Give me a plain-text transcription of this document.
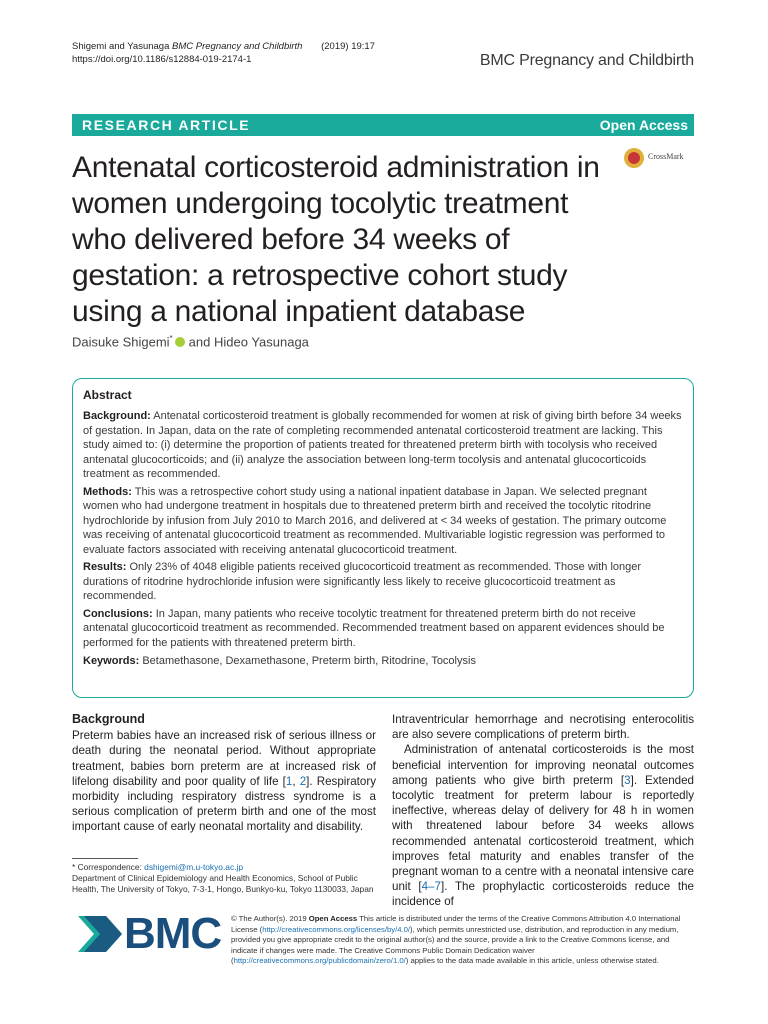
Shigemi and Yasunaga BMC Pregnancy and Childbirth (2019) 19:17
https://doi.org/10.1186/s12884-019-2174-1	BMC Pregnancy and Childbirth
RESEARCH ARTICLE	Open Access
Antenatal corticosteroid administration in women undergoing tocolytic treatment who delivered before 34 weeks of gestation: a retrospective cohort study using a national inpatient database
CrossMark
Daisuke Shigemi* and Hideo Yasunaga
Abstract

Background: Antenatal corticosteroid treatment is globally recommended for women at risk of giving birth before 34 weeks of gestation. In Japan, data on the rate of completing recommended antenatal corticosteroid treatment are lacking. This study aimed to: (i) determine the proportion of patients treated for threatened preterm birth with tocolysis who received antenatal glucocorticoids; and (ii) analyze the association between long-term tocolysis and antenatal glucocorticoids treatment as recommended.

Methods: This was a retrospective cohort study using a national inpatient database in Japan. We selected pregnant women who had undergone treatment in hospitals due to threatened preterm birth and received the tocolytic ritodrine hydrochloride by infusion from July 2010 to March 2016, and delivered at < 34 weeks of gestation. The primary outcome was receiving of antenatal glucocorticoid treatment as recommended. Multivariable logistic regression was performed to evaluate factors associated with receiving antenatal glucocorticoid treatment.

Results: Only 23% of 4048 eligible patients received glucocorticoid treatment as recommended. Those with longer durations of ritodrine hydrochloride infusion were significantly less likely to receive glucocorticoid treatment as recommended.

Conclusions: In Japan, many patients who receive tocolytic treatment for threatened preterm birth do not receive antenatal glucocorticoid treatment as recommended. Recommended treatment based on apparent evidences should be performed for the patients with threatened preterm birth.

Keywords: Betamethasone, Dexamethasone, Preterm birth, Ritodrine, Tocolysis

Background

Preterm babies have an increased risk of serious illness or death during the neonatal period. Without appropriate treatment, babies born preterm are at increased risk of lifelong disability and poor quality of life [1, 2]. Respiratory morbidity including respiratory distress syndrome is a serious complication of preterm birth and one of the most important cause of early neonatal mortality and disability.

Intraventricular hemorrhage and necrotising enterocolitis are also severe complications of preterm birth.

Administration of antenatal corticosteroids is the most beneficial intervention for improving neonatal outcomes among patients who give birth preterm [3]. Extended tocolytic treatment for preterm labour is reportedly ineffective, whereas delay of delivery for 48 h in women with threatened labour before 34 weeks allows recommended antenatal corticosteroid treatment, which improves fetal maturity and enables transfer of the pregnant woman to a centre with a neonatal intensive care unit [4–7]. The prophylactic corticosteroids reduce the incidence of

* Correspondence: dshigemi@m.u-tokyo.ac.jp
Department of Clinical Epidemiology and Health Economics, School of Public Health, The University of Tokyo, 7-3-1, Hongo, Bunkyo-ku, Tokyo 1130033, Japan
BMC © The Author(s). 2019 Open Access This article is distributed under the terms of the Creative Commons Attribution 4.0 International License (http://creativecommons.org/licenses/by/4.0/), which permits unrestricted use, distribution, and reproduction in any medium, provided you give appropriate credit to the original author(s) and the source, provide a link to the Creative Commons license, and indicate if changes were made. The Creative Commons Public Domain Dedication waiver (http://creativecommons.org/publicdomain/zero/1.0/) applies to the data made available in this article, unless otherwise stated.
